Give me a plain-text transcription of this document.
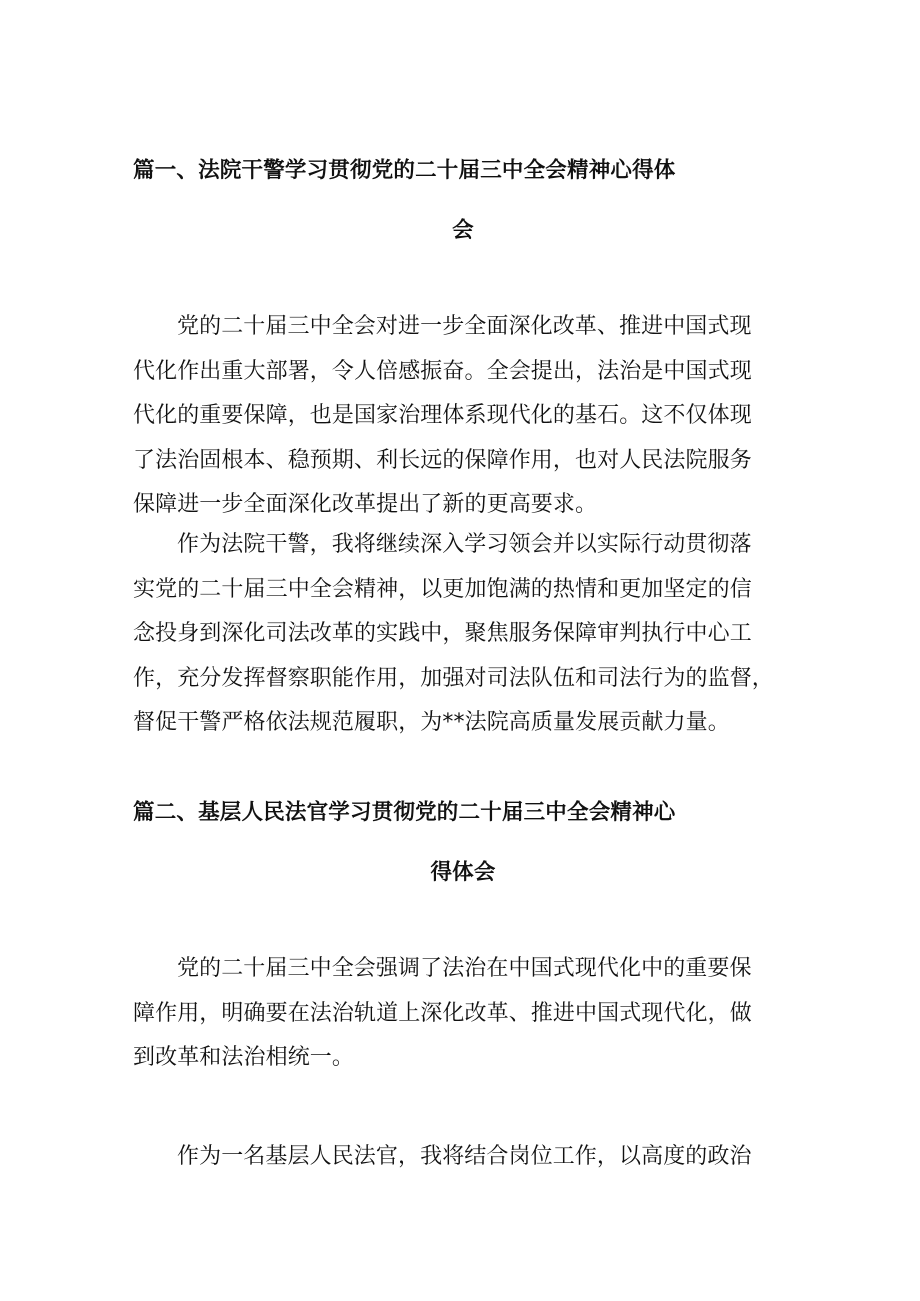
篇一、法院干警学习贯彻党的二十届三中全会精神心得体
会

党的二十届三中全会对进一步全面深化改革、推进中国式现
代化作出重大部署，令人倍感振奋。全会提出，法治是中国式现
代化的重要保障，也是国家治理体系现代化的基石。这不仅体现
了法治固根本、稳预期、利长远的保障作用，也对人民法院服务
保障进一步全面深化改革提出了新的更高要求。

作为法院干警，我将继续深入学习领会并以实际行动贯彻落
实党的二十届三中全会精神，以更加饱满的热情和更加坚定的信
念投身到深化司法改革的实践中，聚焦服务保障审判执行中心工
作，充分发挥督察职能作用，加强对司法队伍和司法行为的监督，
督促干警严格依法规范履职，为**法院高质量发展贡献力量。

篇二、基层人民法官学习贯彻党的二十届三中全会精神心
得体会

党的二十届三中全会强调了法治在中国式现代化中的重要保
障作用，明确要在法治轨道上深化改革、推进中国式现代化，做
到改革和法治相统一。

作为一名基层人民法官，我将结合岗位工作，以高度的政治
